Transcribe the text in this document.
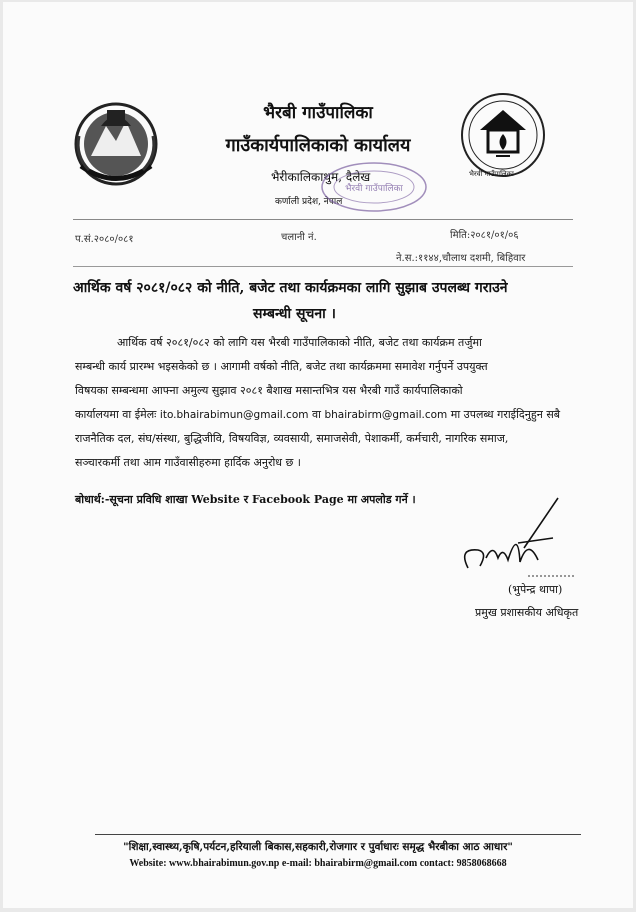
भैरवी गाउँपालिका
भैरबी गाउँपालिका
गाउँकार्यपालिकाको कार्यालय
भैरीकालिकाथुम, दैलेख
कर्णाली प्रदेश, नेपाल
भैरवी गाउँपालिका
प.सं.२०८०/०८१	चलानी नं.	मिति:२०८१/०१/०६
ने.स.:११४४,चौलाथ दशमी, बिहिवार
आर्थिक वर्ष २०८१/०८२ को नीति, बजेट तथा कार्यक्रमका लागि सुझाब उपलब्ध गराउने
सम्बन्धी सूचना ।

आर्थिक वर्ष २०८१/०८२ को लागि यस भैरबी गाउँपालिकाको नीति, बजेट तथा कार्यक्रम तर्जुमा

सम्बन्धी कार्य प्रारम्भ भइसकेको छ । आगामी वर्षको नीति, बजेट तथा कार्यक्रममा समावेश गर्नुपर्ने उपयुक्त

विषयका सम्बन्धमा आफ्ना अमुल्य सुझाव २०८१ बैशाख मसान्तभित्र यस भैरबी गाउँ कार्यपालिकाको

कार्यालयमा वा ईमेलः ito.bhairabimun@gmail.com वा bhairabirm@gmail.com मा उपलब्ध गराईदिनुहुन सबै

राजनैतिक दल, संघ/संस्था, बुद्धिजीवि, विषयविज्ञ, व्यवसायी, समाजसेवी, पेशाकर्मी, कर्मचारी, नागरिक समाज,

सञ्चारकर्मी तथा आम गाउँवासीहरुमा हार्दिक अनुरोध छ ।

बोधार्थ:-सूचना प्रविधि शाखा Website र Facebook Page मा अपलोड गर्ने ।
(भुपेन्द्र थापा)
प्रमुख प्रशासकीय अधिकृत
"शिक्षा,स्वास्थ्य,कृषि,पर्यटन,हरियाली बिकास,सहकारी,रोजगार र पुर्वाधारः समृद्ध भैरबीका आठ आधार"
Website: www.bhairabimun.gov.np e-mail: bhairabirm@gmail.com contact: 9858068668
